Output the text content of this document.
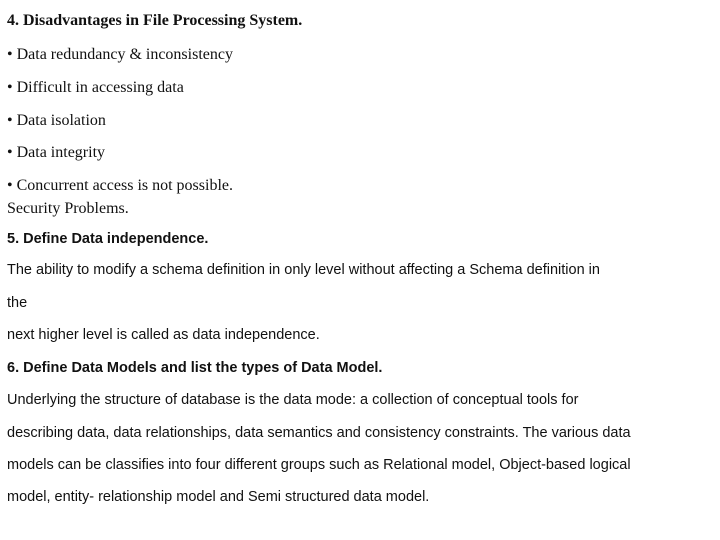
4. Disadvantages in File Processing System.
• Data redundancy & inconsistency
• Difficult in accessing data
• Data isolation
• Data integrity
• Concurrent access is not possible.
Security Problems.
5. Define Data independence.
The ability to modify a schema definition in only level without affecting a Schema definition in
the
next higher level is called as data independence.
6. Define Data Models and list the types of Data Model.
Underlying the structure of database is the data mode: a collection of conceptual tools for
describing data, data relationships, data semantics and consistency constraints. The various data
models can be classifies into four different groups such as Relational model, Object-based logical
model, entity- relationship model and Semi structured data model.
